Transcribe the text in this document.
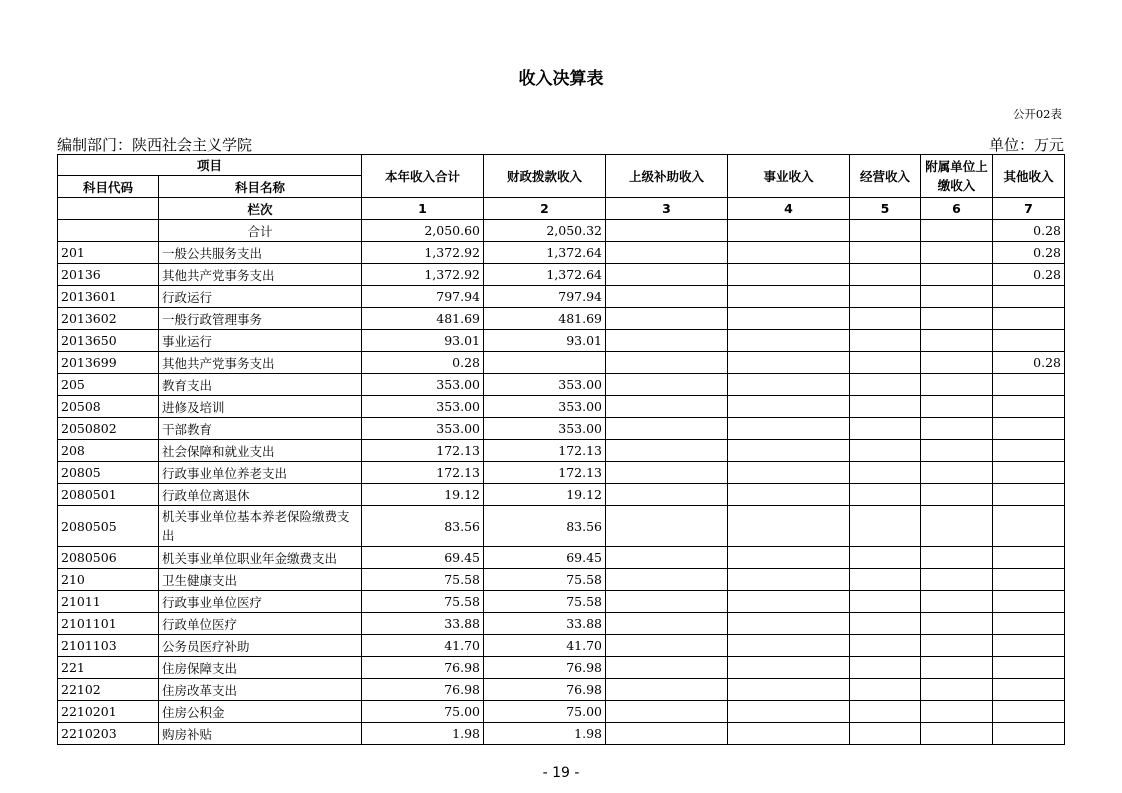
收入决算表
公开02表
编制部门：陕西社会主义学院	单位：万元
项目		本年收入合计	财政拨款收入	上级补助收入	事业收入	经营收入	附属单位上缴收入	其他收入
科目代码	科目名称							
	栏次	1	2	3	4	5	6	7
	合计	2,050.60	2,050.32					0.28
201	一般公共服务支出	1,372.92	1,372.64					0.28
20136	其他共产党事务支出	1,372.92	1,372.64					0.28
2013601	行政运行	797.94	797.94					
2013602	一般行政管理事务	481.69	481.69					
2013650	事业运行	93.01	93.01					
2013699	其他共产党事务支出	0.28						0.28
205	教育支出	353.00	353.00					
20508	进修及培训	353.00	353.00					
2050802	干部教育	353.00	353.00					
208	社会保障和就业支出	172.13	172.13					
20805	行政事业单位养老支出	172.13	172.13					
2080501	行政单位离退休	19.12	19.12					
2080505	机关事业单位基本养老保险缴费支出	83.56	83.56					
2080506	机关事业单位职业年金缴费支出	69.45	69.45					
210	卫生健康支出	75.58	75.58					
21011	行政事业单位医疗	75.58	75.58					
2101101	行政单位医疗	33.88	33.88					
2101103	公务员医疗补助	41.70	41.70					
221	住房保障支出	76.98	76.98					
22102	住房改革支出	76.98	76.98					
2210201	住房公积金	75.00	75.00					
2210203	购房补贴	1.98	1.98					
- 19 -
